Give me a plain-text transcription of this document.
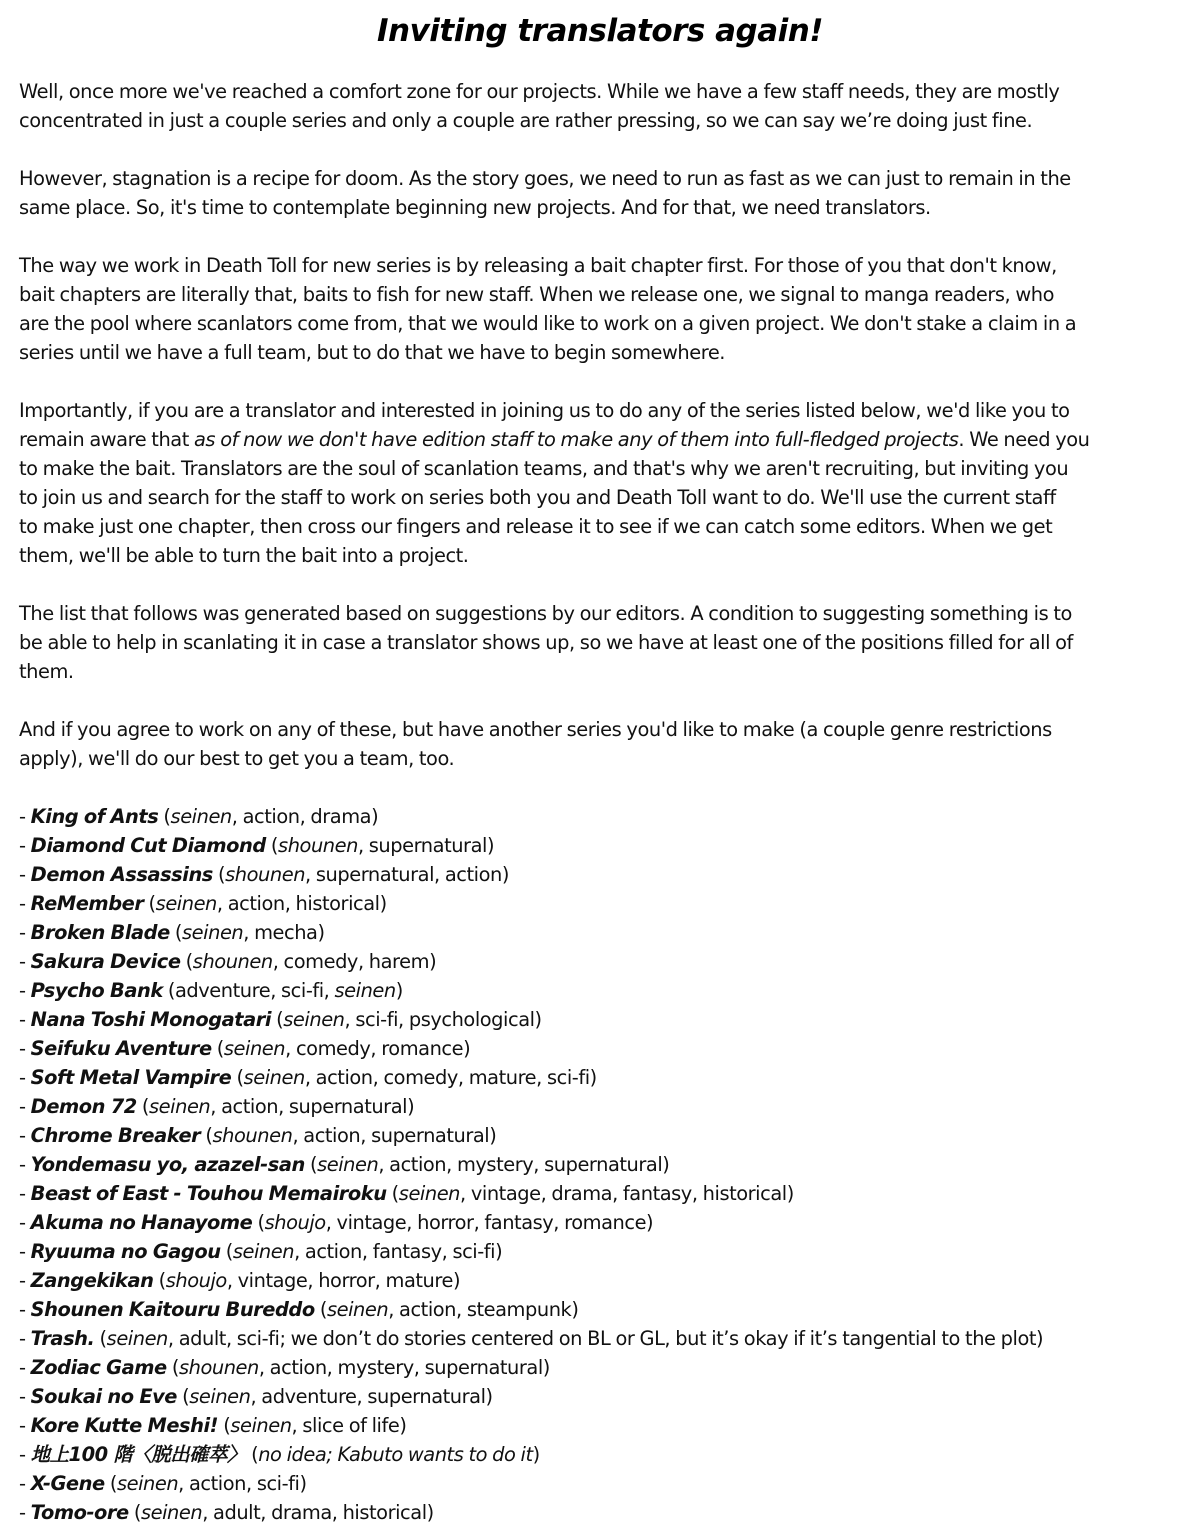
Inviting translators again!

Well, once more we've reached a comfort zone for our projects. While we have a few staff needs, they are mostly
concentrated in just a couple series and only a couple are rather pressing, so we can say we’re doing just fine.

However, stagnation is a recipe for doom. As the story goes, we need to run as fast as we can just to remain in the
same place. So, it's time to contemplate beginning new projects. And for that, we need translators.

The way we work in Death Toll for new series is by releasing a bait chapter first. For those of you that don't know,
bait chapters are literally that, baits to fish for new staff. When we release one, we signal to manga readers, who
are the pool where scanlators come from, that we would like to work on a given project. We don't stake a claim in a
series until we have a full team, but to do that we have to begin somewhere.

Importantly, if you are a translator and interested in joining us to do any of the series listed below, we'd like you to
remain aware that as of now we don't have edition staff to make any of them into full-fledged projects. We need you
to make the bait. Translators are the soul of scanlation teams, and that's why we aren't recruiting, but inviting you
to join us and search for the staff to work on series both you and Death Toll want to do. We'll use the current staff
to make just one chapter, then cross our fingers and release it to see if we can catch some editors. When we get
them, we'll be able to turn the bait into a project.

The list that follows was generated based on suggestions by our editors. A condition to suggesting something is to
be able to help in scanlating it in case a translator shows up, so we have at least one of the positions filled for all of
them.

And if you agree to work on any of these, but have another series you'd like to make (a couple genre restrictions
apply), we'll do our best to get you a team, too.

- King of Ants (seinen, action, drama)
- Diamond Cut Diamond (shounen, supernatural)
- Demon Assassins (shounen, supernatural, action)
- ReMember (seinen, action, historical)
- Broken Blade (seinen, mecha)
- Sakura Device (shounen, comedy, harem)
- Psycho Bank (adventure, sci-fi, seinen)
- Nana Toshi Monogatari (seinen, sci-fi, psychological)
- Seifuku Aventure (seinen, comedy, romance)
- Soft Metal Vampire (seinen, action, comedy, mature, sci-fi)
- Demon 72 (seinen, action, supernatural)
- Chrome Breaker (shounen, action, supernatural)
- Yondemasu yo, azazel-san (seinen, action, mystery, supernatural)
- Beast of East - Touhou Memairoku (seinen, vintage, drama, fantasy, historical)
- Akuma no Hanayome (shoujo, vintage, horror, fantasy, romance)
- Ryuuma no Gagou (seinen, action, fantasy, sci-fi)
- Zangekikan (shoujo, vintage, horror, mature)
- Shounen Kaitouru Bureddo (seinen, action, steampunk)
- Trash. (seinen, adult, sci-fi; we don’t do stories centered on BL or GL, but it’s okay if it’s tangential to the plot)
- Zodiac Game (shounen, action, mystery, supernatural)
- Soukai no Eve (seinen, adventure, supernatural)
- Kore Kutte Meshi! (seinen, slice of life)
- 地上100 階〈脱出確萃〉 (no idea; Kabuto wants to do it)
- X-Gene (seinen, action, sci-fi)
- Tomo-ore (seinen, adult, drama, historical)
